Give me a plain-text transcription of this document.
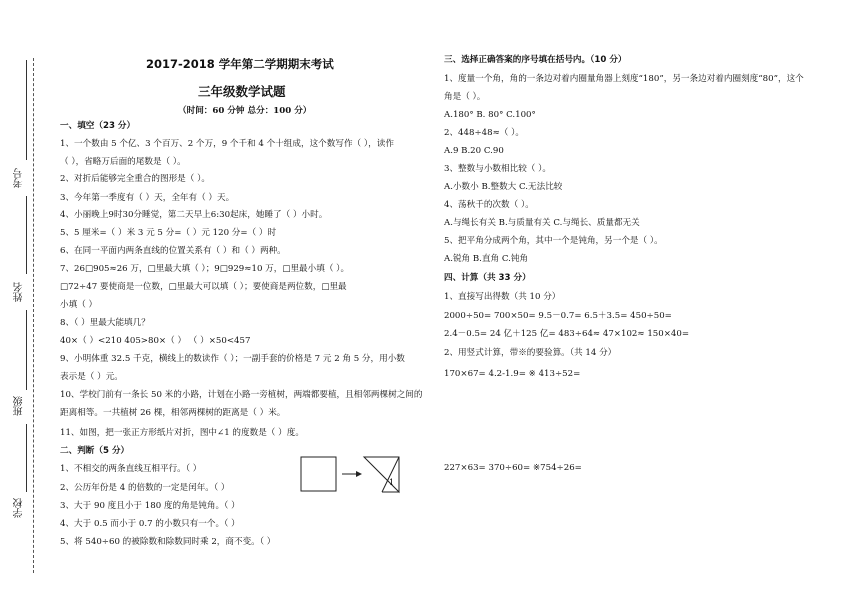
考号
姓名
班级
学校
2017-2018 学年第二学期期末考试
三年级数学试题
（时间：60 分钟 总分：100 分）
一、填空（23 分）
1、一个数由 5 个亿、3 个百万、2 个万，9 个千和 4 个十组成，这个数写作（ ），读作
（ ），省略万后面的尾数是（ ）。
2、对折后能够完全重合的图形是（ ）。
3、今年第一季度有（ ）天，全年有（ ）天。
4、小丽晚上9时30分睡觉，第二天早上6:30起床，她睡了（ ）小时。
5、5 厘米=（ ）米 3 元 5 分=（ ）元 120 分=（ ）时
6、在同一平面内两条直线的位置关系有（ ）和（ ）两种。
7、26□905≈26 万，□里最大填（ ）；9□929≈10 万，□里最小填（ ）。
□72÷47 要使商是一位数，□里最大可以填（ ）；要使商是两位数，□里最
小填（ ）
8、（ ）里最大能填几？
40×（ ）<210 405>80×（ ） （ ）×50<457
9、小明体重 32.5 千克，横线上的数读作（ ）；一副手套的价格是 7 元 2 角 5 分，用小数
表示是（ ）元。
10、学校门前有一条长 50 米的小路，计划在小路一旁植树，两端都要植，且相邻两棵树之间的
距离相等。一共植树 26 棵，相邻两棵树的距离是（ ）米。
11、如图，把一张正方形纸片对折，图中∠1 的度数是（ ）度。
二、判断（5 分）
1、不相交的两条直线互相平行。（ ）
2、公历年份是 4 的倍数的一定是闰年。（ ）
3、大于 90 度且小于 180 度的角是钝角。（ ）
4、大于 0.5 而小于 0.7 的小数只有一个。（ ）
5、将 540÷60 的被除数和除数同时乘 2，商不变。（ ）
1
三、选择正确答案的序号填在括号内。（10 分）
1、度量一个角，角的一条边对着内圈量角器上刻度“180”，另一条边对着内圈刻度“80”，这个
角是（ ）。
A.180° B. 80° C.100°
2、448÷48≈（ ）。
A.9 B.20 C.90
3、整数与小数相比较（ ）。
A.小数小 B.整数大 C.无法比较
4、荡秋千的次数（ ）。
A.与绳长有关 B.与质量有关 C.与绳长、质量都无关
5、把平角分成两个角，其中一个是钝角，另一个是（ ）。
A.锐角 B.直角 C.钝角
四、计算（共 33 分）
1、直接写出得数（共 10 分）
2000÷50= 700×50= 9.5－0.7= 6.5＋3.5= 450÷50=
2.4－0.5= 24 亿＋125 亿= 483÷64≈ 47×102≈ 150×40=
2、用竖式计算，带※的要验算。（共 14 分）
170×67= 4.2-1.9= ※ 413÷52=
227×63= 370÷60= ※754÷26=
